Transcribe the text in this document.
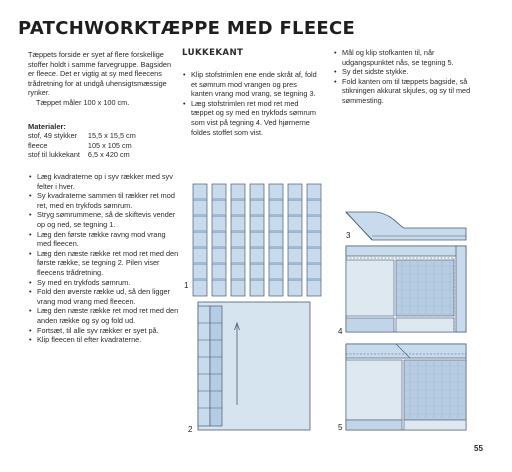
PATCHWORKTÆPPE MED FLEECE

Tæppets forside er syet af flere forskellige stoffer holdt i samme farvegruppe. Bagsiden er fleece. Det er vigtig at sy med fleecens trådretning for at undgå uhensigtsmæssige rynker.

Tæppet måler 100 x 100 cm.

Materialer:
stof, 49 stykker	15,5 x 15,5 cm
fleece	105 x 105 cm
stof til lukkekant	6,5 x 420 cm
• Læg kvadraterne op i syv rækker med syv felter i hver.
• Sy kvadraterne sammen til rækker ret mod ret, med en trykfods sømrum.
• Stryg sømrummene, så de skiftevis vender op og ned, se tegning 1.
• Læg den første række ravng mod vrang med fleecen.
• Læg den næste række ret mod ret med den første række, se tegning 2. Pilen viser fleecens trådretning.
• Sy med en trykfods sømrum.
• Fold den øverste række ud, så den ligger vrang mod vrang med fleecen.
• Læg den næste række ret mod ret med den anden række og sy og fold ud.
• Fortsæt, til alle syv rækker er syet på.
• Klip fleecen til efter kvadraterne.
LUKKEKANT
• Klip stofstrimlen ene ende skråt af, fold et sømrum mod vrangen og pres kanten vrang mod vrang, se tegning 3.
• Læg stofstrimlen ret mod ret med tæppet og sy med en trykfods sømrum som vist på tegning 4. Ved hjørnerne foldes stoffet som vist.
• Mål og klip stofkanten til, når udgangspunktet nås, se tegning 5.
• Sy det sidste stykke.
• Fold kanten om til tæppets bagside, så stikningen akkurat skjules, og sy til med sømmesting.
1
2
3
4
5
55
